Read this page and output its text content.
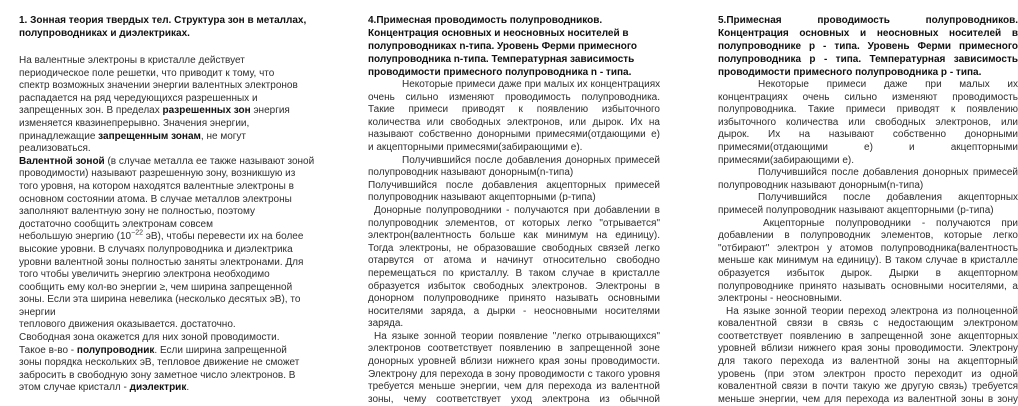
1. Зонная теория твердых тел. Структура зон в металлах,
полупроводниках и диэлектриках.
На валентные электроны в кристалле действует
периодическое поле решетки, что приводит к тому, что
спектр возможных значении энергии валентных электронов
распадается на ряд чередующихся разрешенных и
запрещенных зон. В пределах разрешенных зон энергия
изменяется квазинепрерывно. Значения энергии,
принадлежащие запрещенным зонам, не могут
реализоваться.
Валентной зоной (в случае металла ее также называют зоной
проводимости) называют разрешенную зону, возникшую из
того уровня, на котором находятся валентные электроны в
основном состоянии атома. В случае металлов электроны
заполняют валентную зону не полностью, поэтому
достаточно сообщить электронам совсем
небольшую энергию ($10^{-22}$ эВ), чтобы перевести их на более
высокие уровни. В случаях полупроводника и диэлектрика
уровни валентной зоны полностью заняты электронами. Для
того чтобы увеличить энергию электрона необходимо
сообщить ему кол-во энергии ≥, чем ширина запрещенной
зоны. Если эта ширина невелика (несколько десятых эВ), то
энергии
теплового движения оказывается. достаточно.
Свободная зона окажется для них зоной проводимости.
Такое в-во - полупроводник. Если ширина запрещенной
зоны порядка нескольких эВ, тепловое движение не сможет
забросить в свободную зону заметное число электронов. В
этом случае кристалл - диэлектрик.
4.Примесная проводимость полупроводников.
Концентрация основных и неосновных носителей в
полупроводниках n-типа. Уровень Ферми примесного
полупроводника n-типа. Температурная зависимость
проводимости примесного полупроводника n - типа.
Некоторые примеси даже при малых их концентрациях
очень сильно изменяют проводимость полупроводника.
Такие примеси приводят к появлению избыточного
количества или свободных электронов, или дырок. Их на
называют собственно донорными примесями(отдающими е)
и акцепторными примесями(забирающими е).
Получившийся после добавления донорных примесей
полупроводник называют донорным(n-типа)
Получившийся после добавления акцепторных примесей
полупроводник называют акцепторными (р-типа)
Донорные полупроводники - получаются при добавлении в
полупроводник элементов, от которых легко "отрывается"
электрон(валентность больше как минимум на единицу).
Тогда электроны, не образовашие свободных связей легко
отарвутся от атома и начинут относительно свободно
перемещаться по кристаллу. В таком случае в кристалле
образуется избыток свободных электронов. Электроны в
донорном полупроводнике принято называть основными
носителями заряда, а дырки - неосновными носителями
заряда.
На языке зонной теории появление "легко отрывающихся"
электронов соответствует появлению в запрещенной зоне
донорных уровней вблизи нижнего края зоны проводимости.
Электрону для перехода в зону проводимости с такого уровня
требуется меньше энергии, чем для перехода из валентной
зоны, чему соответствует уход электрона из обычной
5.Примесная проводимость полупроводников.
Концентрация основных и неосновных носителей в
полупроводнике р - типа. Уровень Ферми примесного
полупроводника р - типа. Температурная зависимость
проводимости примесного полупроводника р - типа.
Некоторые примеси даже при малых их
концентрациях очень сильно изменяют проводимость
полупроводника. Такие примеси приводят к появлению
избыточного количества или свободных электронов, или
дырок. Их на называют собственно донорными
примесями(отдающими е) и акцепторными
примесями(забирающими е).
Получившийся после добавления донорных примесей
полупроводник называют донорным(n-типа)
Получившийся после добавления акцепторных
примесей полупроводник называют акцепторными (р-типа)
Акцепторные полупроводники - получаются при
добавлении в полупроводник элементов, которые легко
"отбирают" электрон у атомов полупроводника(валентность
меньше как минимум на единицу). В таком случае в кристалле
образуется избыток дырок. Дырки в акцепторном
полупроводнике принято называть основными носителями, а
электроны - неосновными.
На языке зонной теории переход электрона из полноценной
ковалентной связи в связь с недостающим электроном
соответствует появлению в запрещенной зоне акцепторных
уровней вблизи нижнего края зоны проводимости. Электрону
для такого перехода из валентной зоны на акцепторный
уровень (при этом электрон просто переходит из одной
ковалентной связи в почти такую же другую связь) требуется
меньше энергии, чем для перехода из валентной зоны в зону
